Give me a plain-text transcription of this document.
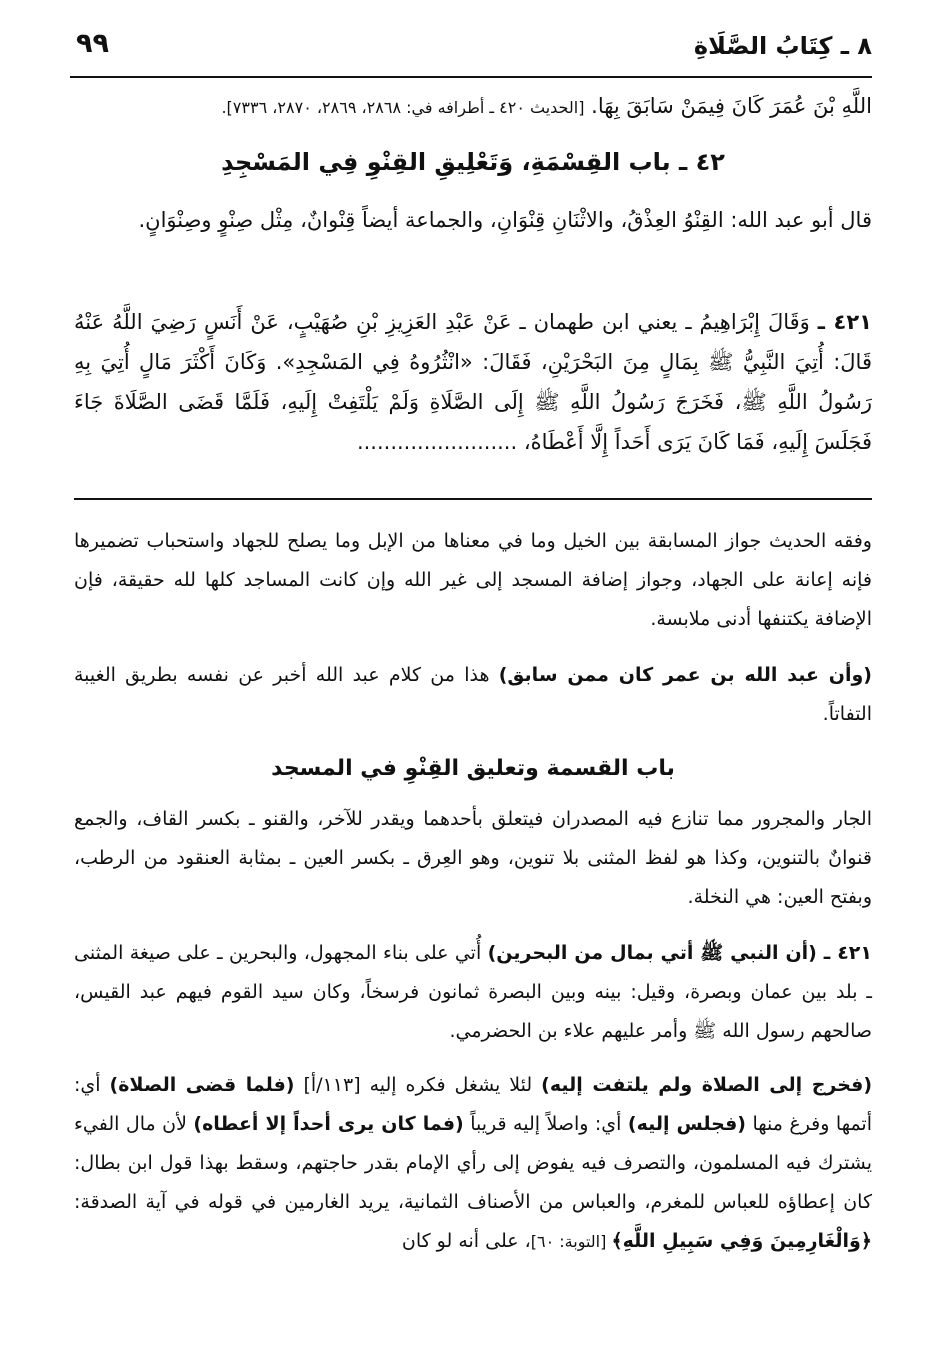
٨ ـ كِتَابُ الصَّلَاةِ
٩٩

اللَّهِ بْنَ عُمَرَ كَانَ فِيمَنْ سَابَقَ بِهَا. [الحديث ٤٢٠ ـ أطرافه في: ٢٨٦٨، ٢٨٦٩، ٢٨٧٠، ٧٣٣٦].

٤٢ ـ باب القِسْمَةِ، وَتَعْلِيقِ القِنْوِ فِي المَسْجِدِ

قال أبو عبد الله: القِنْوُ العِذْقُ، والاثْنَانِ قِنْوَانِ، والجماعة أيضاً قِنْوانٌ، مِثْل صِنْوٍ وصِنْوَانٍ.

٤٢١ ـ وَقَالَ إِبْرَاهِيمُ ـ يعني ابن طهمان ـ عَنْ عَبْدِ العَزِيزِ بْنِ صُهَيْبٍ، عَنْ أَنَسٍ رَضِيَ اللَّهُ عَنْهُ قَالَ: أُتِيَ النَّبِيُّ ﷺ بِمَالٍ مِنَ البَحْرَيْنِ، فَقَالَ: «انْثُرُوهُ فِي المَسْجِدِ». وَكَانَ أَكْثَرَ مَالٍ أُتِيَ بِهِ رَسُولُ اللَّهِ ﷺ، فَخَرَجَ رَسُولُ اللَّهِ ﷺ إِلَى الصَّلَاةِ وَلَمْ يَلْتَفِتْ إِلَيهِ، فَلَمَّا قَضَى الصَّلَاةَ جَاءَ فَجَلَسَ إِلَيهِ، فَمَا كَانَ يَرَى أَحَداً إِلَّا أَعْطَاهُ، ........................

وفقه الحديث جواز المسابقة بين الخيل وما في معناها من الإبل وما يصلح للجهاد واستحباب تضميرها فإنه إعانة على الجهاد، وجواز إضافة المسجد إلى غير الله وإن كانت المساجد كلها لله حقيقة، فإن الإضافة يكتنفها أدنى ملابسة.

(وأن عبد الله بن عمر كان ممن سابق) هذا من كلام عبد الله أخبر عن نفسه بطريق الغيبة التفاتاً.

باب القسمة وتعليق القِنْوِ في المسجد

الجار والمجرور مما تنازع فيه المصدران فيتعلق بأحدهما ويقدر للآخر، والقنو ـ بكسر القاف، والجمع قنوانٌ بالتنوين، وكذا هو لفظ المثنى بلا تنوين، وهو العِرق ـ بكسر العين ـ بمثابة العنقود من الرطب، وبفتح العين: هي النخلة.

٤٢١ ـ (أن النبي ﷺ أتي بمال من البحرين) أُتي على بناء المجهول، والبحرين ـ على صيغة المثنى ـ بلد بين عمان وبصرة، وقيل: بينه وبين البصرة ثمانون فرسخاً، وكان سيد القوم فيهم عبد القيس، صالحهم رسول الله ﷺ وأمر عليهم علاء بن الحضرمي.

(فخرج إلى الصلاة ولم يلتفت إليه) لئلا يشغل فكره إليه [١١٣/أ] (فلما قضى الصلاة) أي: أتمها وفرغ منها (فجلس إليه) أي: واصلاً إليه قريباً (فما كان يرى أحداً إلا أعطاه) لأن مال الفيء يشترك فيه المسلمون، والتصرف فيه يفوض إلى رأي الإمام بقدر حاجتهم، وسقط بهذا قول ابن بطال: كان إعطاؤه للعباس للمغرم، والعباس من الأصناف الثمانية، يريد الغارمين في قوله في آية الصدقة: ﴿وَالْغَارِمِينَ وَفِي سَبِيلِ اللَّهِ﴾ [التوبة: ٦٠]، على أنه لو كان
